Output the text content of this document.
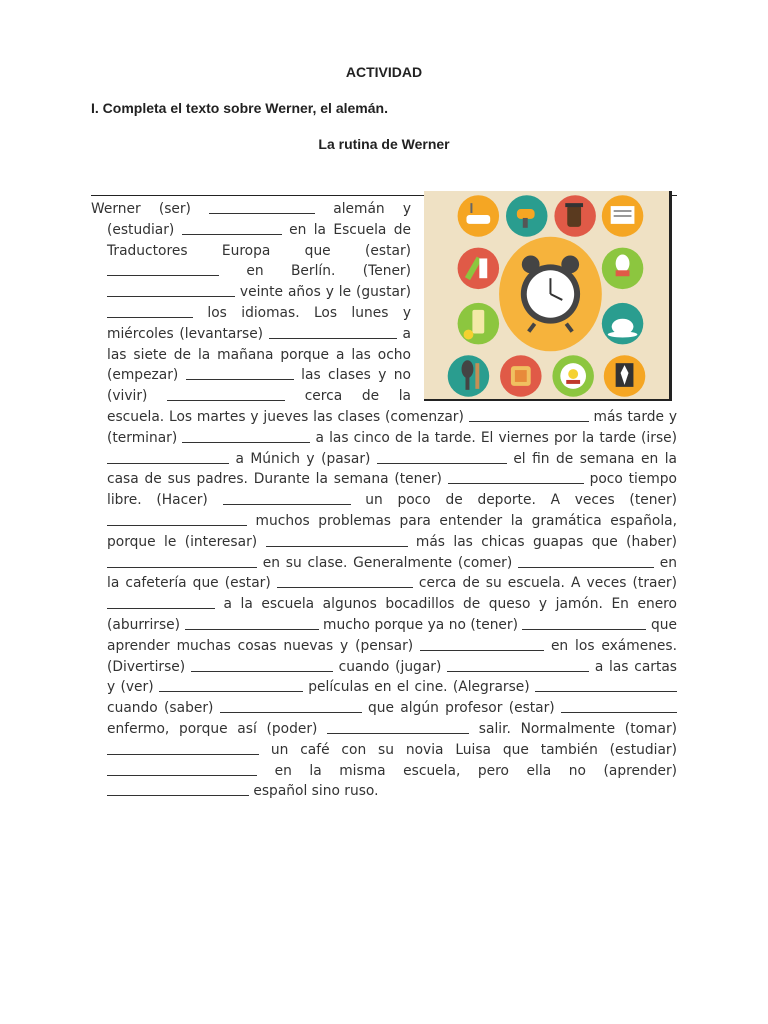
ACTIVIDAD
I. Completa el texto sobre Werner, el alemán.
La rutina de Werner

Werner (ser)	alemán y (estudiar)	en la Escuela de Traductores Europa que (estar)  en Berlín. (Tener)  veinte años y le (gustar)  los idiomas. Los lunes y miércoles (levantarse)	a las siete de la mañana porque a las ocho (empezar)	las clases y no (vivir)	cerca de la escuela. Los martes y jueves las clases (comenzar)	más tarde y (terminar)	a las cinco de la tarde. El viernes por la tarde (irse)  a Múnich y (pasar)	el fin de semana en la casa de sus padres. Durante la semana (tener)	poco tiempo libre. (Hacer)	un poco de deporte. A veces (tener)  muchos problemas para entender la gramática española, porque le (interesar)	más las chicas guapas que (haber)  en su clase. Generalmente (comer)	en la cafetería que (estar)	cerca de su escuela. A veces (traer)  a la escuela algunos bocadillos de queso y jamón. En enero (aburrirse)	mucho porque ya no (tener)	que aprender muchas cosas nuevas y (pensar)	en los exámenes. (Divertirse)	cuando (jugar)	a las cartas y (ver)	películas en el cine. (Alegrarse)  cuando (saber)	que algún profesor (estar)  enfermo, porque así (poder)	salir. Normalmente (tomar)  un café con su novia Luisa que también (estudiar)  en la misma escuela, pero ella no (aprender)  español sino ruso.
